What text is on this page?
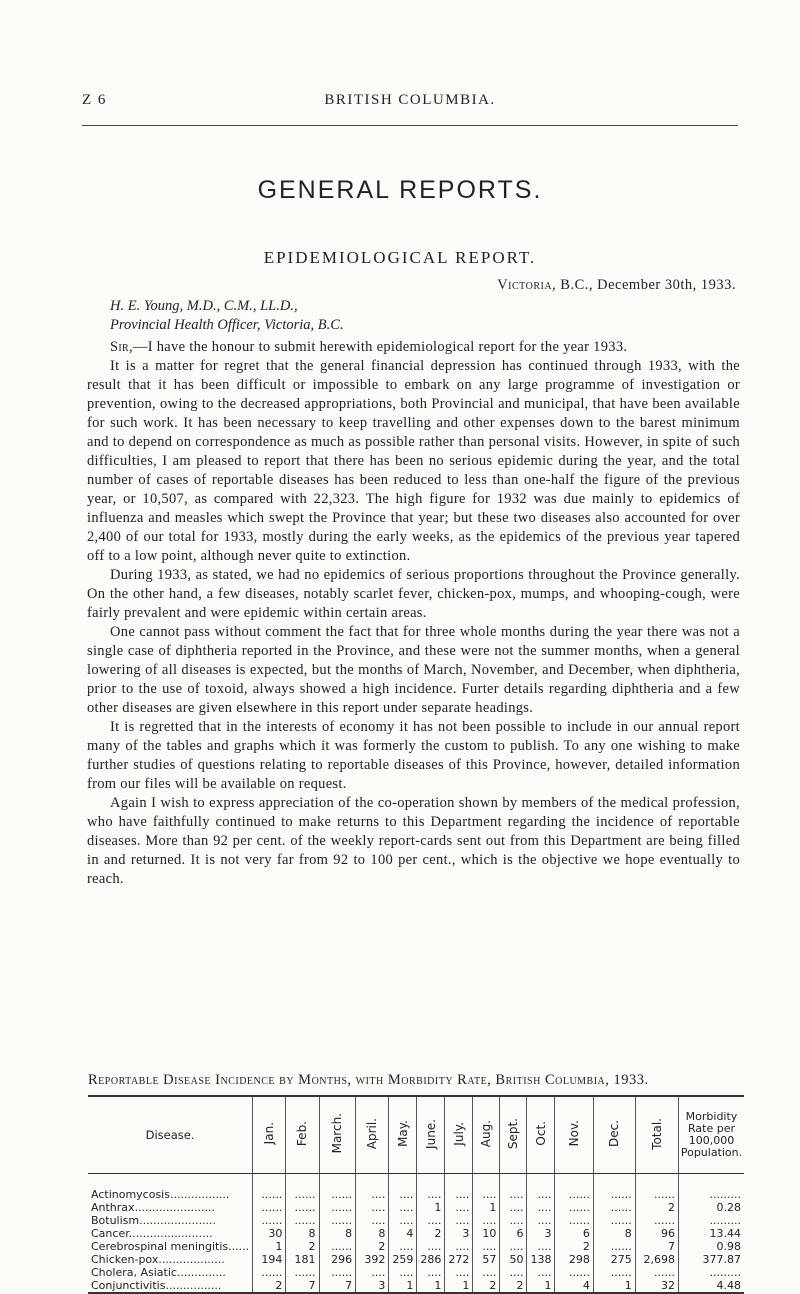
Z 6	BRITISH COLUMBIA.
GENERAL REPORTS.
EPIDEMIOLOGICAL REPORT.
Victoria, B.C., December 30th, 1933.
H. E. Young, M.D., C.M., LL.D.,
Provincial Health Officer, Victoria, B.C.

Sir,—I have the honour to submit herewith epidemiological report for the year 1933.

It is a matter for regret that the general financial depression has continued through 1933, with the result that it has been difficult or impossible to embark on any large programme of investigation or prevention, owing to the decreased appropriations, both Provincial and municipal, that have been available for such work. It has been necessary to keep travelling and other expenses down to the barest minimum and to depend on correspondence as much as possible rather than personal visits. However, in spite of such difficulties, I am pleased to report that there has been no serious epidemic during the year, and the total number of cases of reportable diseases has been reduced to less than one-half the figure of the previous year, or 10,507, as compared with 22,323. The high figure for 1932 was due mainly to epidemics of influenza and measles which swept the Province that year; but these two diseases also accounted for over 2,400 of our total for 1933, mostly during the early weeks, as the epidemics of the previous year tapered off to a low point, although never quite to extinction.

During 1933, as stated, we had no epidemics of serious proportions throughout the Province generally. On the other hand, a few diseases, notably scarlet fever, chicken-pox, mumps, and whooping-cough, were fairly prevalent and were epidemic within certain areas.

One cannot pass without comment the fact that for three whole months during the year there was not a single case of diphtheria reported in the Province, and these were not the summer months, when a general lowering of all diseases is expected, but the months of March, November, and December, when diphtheria, prior to the use of toxoid, always showed a high incidence. Furter details regarding diphtheria and a few other diseases are given elsewhere in this report under separate headings.

It is regretted that in the interests of economy it has not been possible to include in our annual report many of the tables and graphs which it was formerly the custom to publish. To any one wishing to make further studies of questions relating to reportable diseases of this Province, however, detailed information from our files will be available on request.

Again I wish to express appreciation of the co-operation shown by members of the medical profession, who have faithfully continued to make returns to this Department regarding the incidence of reportable diseases. More than 92 per cent. of the weekly report-cards sent out from this Department are being filled in and returned. It is not very far from 92 to 100 per cent., which is the objective we hope eventually to reach.

Reportable Disease Incidence by Months, with Morbidity Rate, British Columbia, 1933.
Disease.	Jan.	Feb.	March.	April.	May.	June.	July.	Aug.	Sept.	Oct.	Nov.	Dec.	Total.	Morbidity
Rate per
100,000
Population.

Actinomycosis.................	......	......	......	....	....	....	....	....	....	....	......	......	......	.........
Anthrax.......................	......	......	......	....	....	1	....	1	....	....	......	......	2	0.28
Botulism......................	......	......	......	....	....	....	....	....	....	....	......	......	......	.........
Cancer........................	30	8	8	8	4	2	3	10	6	3	6	8	96	13.44
Cerebrospinal meningitis......	1	2	......	2	....	....	....	....	....	....	2	......	7	0.98
Chicken-pox...................	194	181	296	392	259	286	272	57	50	138	298	275	2,698	377.87
Cholera, Asiatic..............	......	......	......	....	....	....	....	....	....	....	......	......	......	.........
Conjunctivitis................	2	7	7	3	1	1	1	2	2	1	4	1	32	4.48
